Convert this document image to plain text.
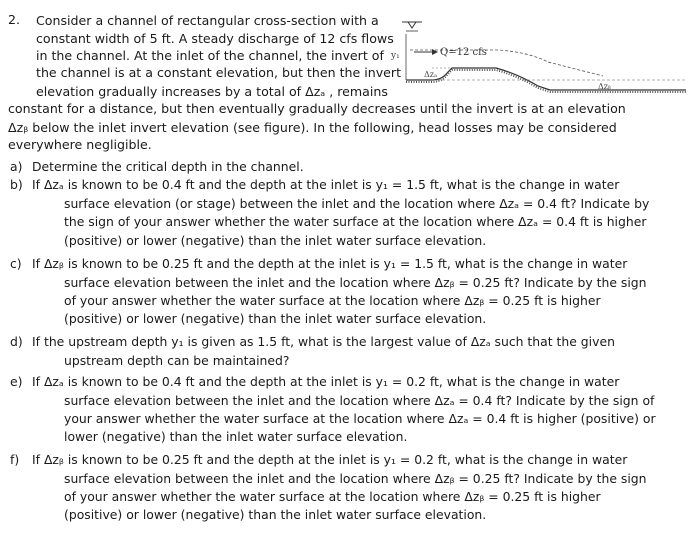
2. Consider a channel of rectangular cross-section with a
constant width of 5 ft. A steady discharge of 12 cfs flows
in the channel. At the inlet of the channel, the invert of
the channel is at a constant elevation, but then the invert
elevation gradually increases by a total of Δzₐ , remains
constant for a distance, but then eventually gradually decreases until the invert is at an elevation
Δzᵦ below the inlet invert elevation (see figure). In the following, head losses may be considered
everywhere negligible.
a) Determine the critical depth in the channel.
b) If Δzₐ is known to be 0.4 ft and the depth at the inlet is y₁ = 1.5 ft, what is the change in water
surface elevation (or stage) between the inlet and the location where Δzₐ = 0.4 ft? Indicate by
the sign of your answer whether the water surface at the location where Δzₐ = 0.4 ft is higher
(positive) or lower (negative) than the inlet water surface elevation.
c) If Δzᵦ is known to be 0.25 ft and the depth at the inlet is y₁ = 1.5 ft, what is the change in water
surface elevation between the inlet and the location where Δzᵦ = 0.25 ft? Indicate by the sign
of your answer whether the water surface at the location where Δzᵦ = 0.25 ft is higher
(positive) or lower (negative) than the inlet water surface elevation.
d) If the upstream depth y₁ is given as 1.5 ft, what is the largest value of Δzₐ such that the given
upstream depth can be maintained?
e) If Δzₐ is known to be 0.4 ft and the depth at the inlet is y₁ = 0.2 ft, what is the change in water
surface elevation between the inlet and the location where Δzₐ = 0.4 ft? Indicate by the sign of
your answer whether the water surface at the location where Δzₐ = 0.4 ft is higher (positive) or
lower (negative) than the inlet water surface elevation.
f) If Δzᵦ is known to be 0.25 ft and the depth at the inlet is y₁ = 0.2 ft, what is the change in water
surface elevation between the inlet and the location where Δzᵦ = 0.25 ft? Indicate by the sign
of your answer whether the water surface at the location where Δzᵦ = 0.25 ft is higher
(positive) or lower (negative) than the inlet water surface elevation.
y₁	Q=12 cfs
Δzₐ
Δzᵦ
